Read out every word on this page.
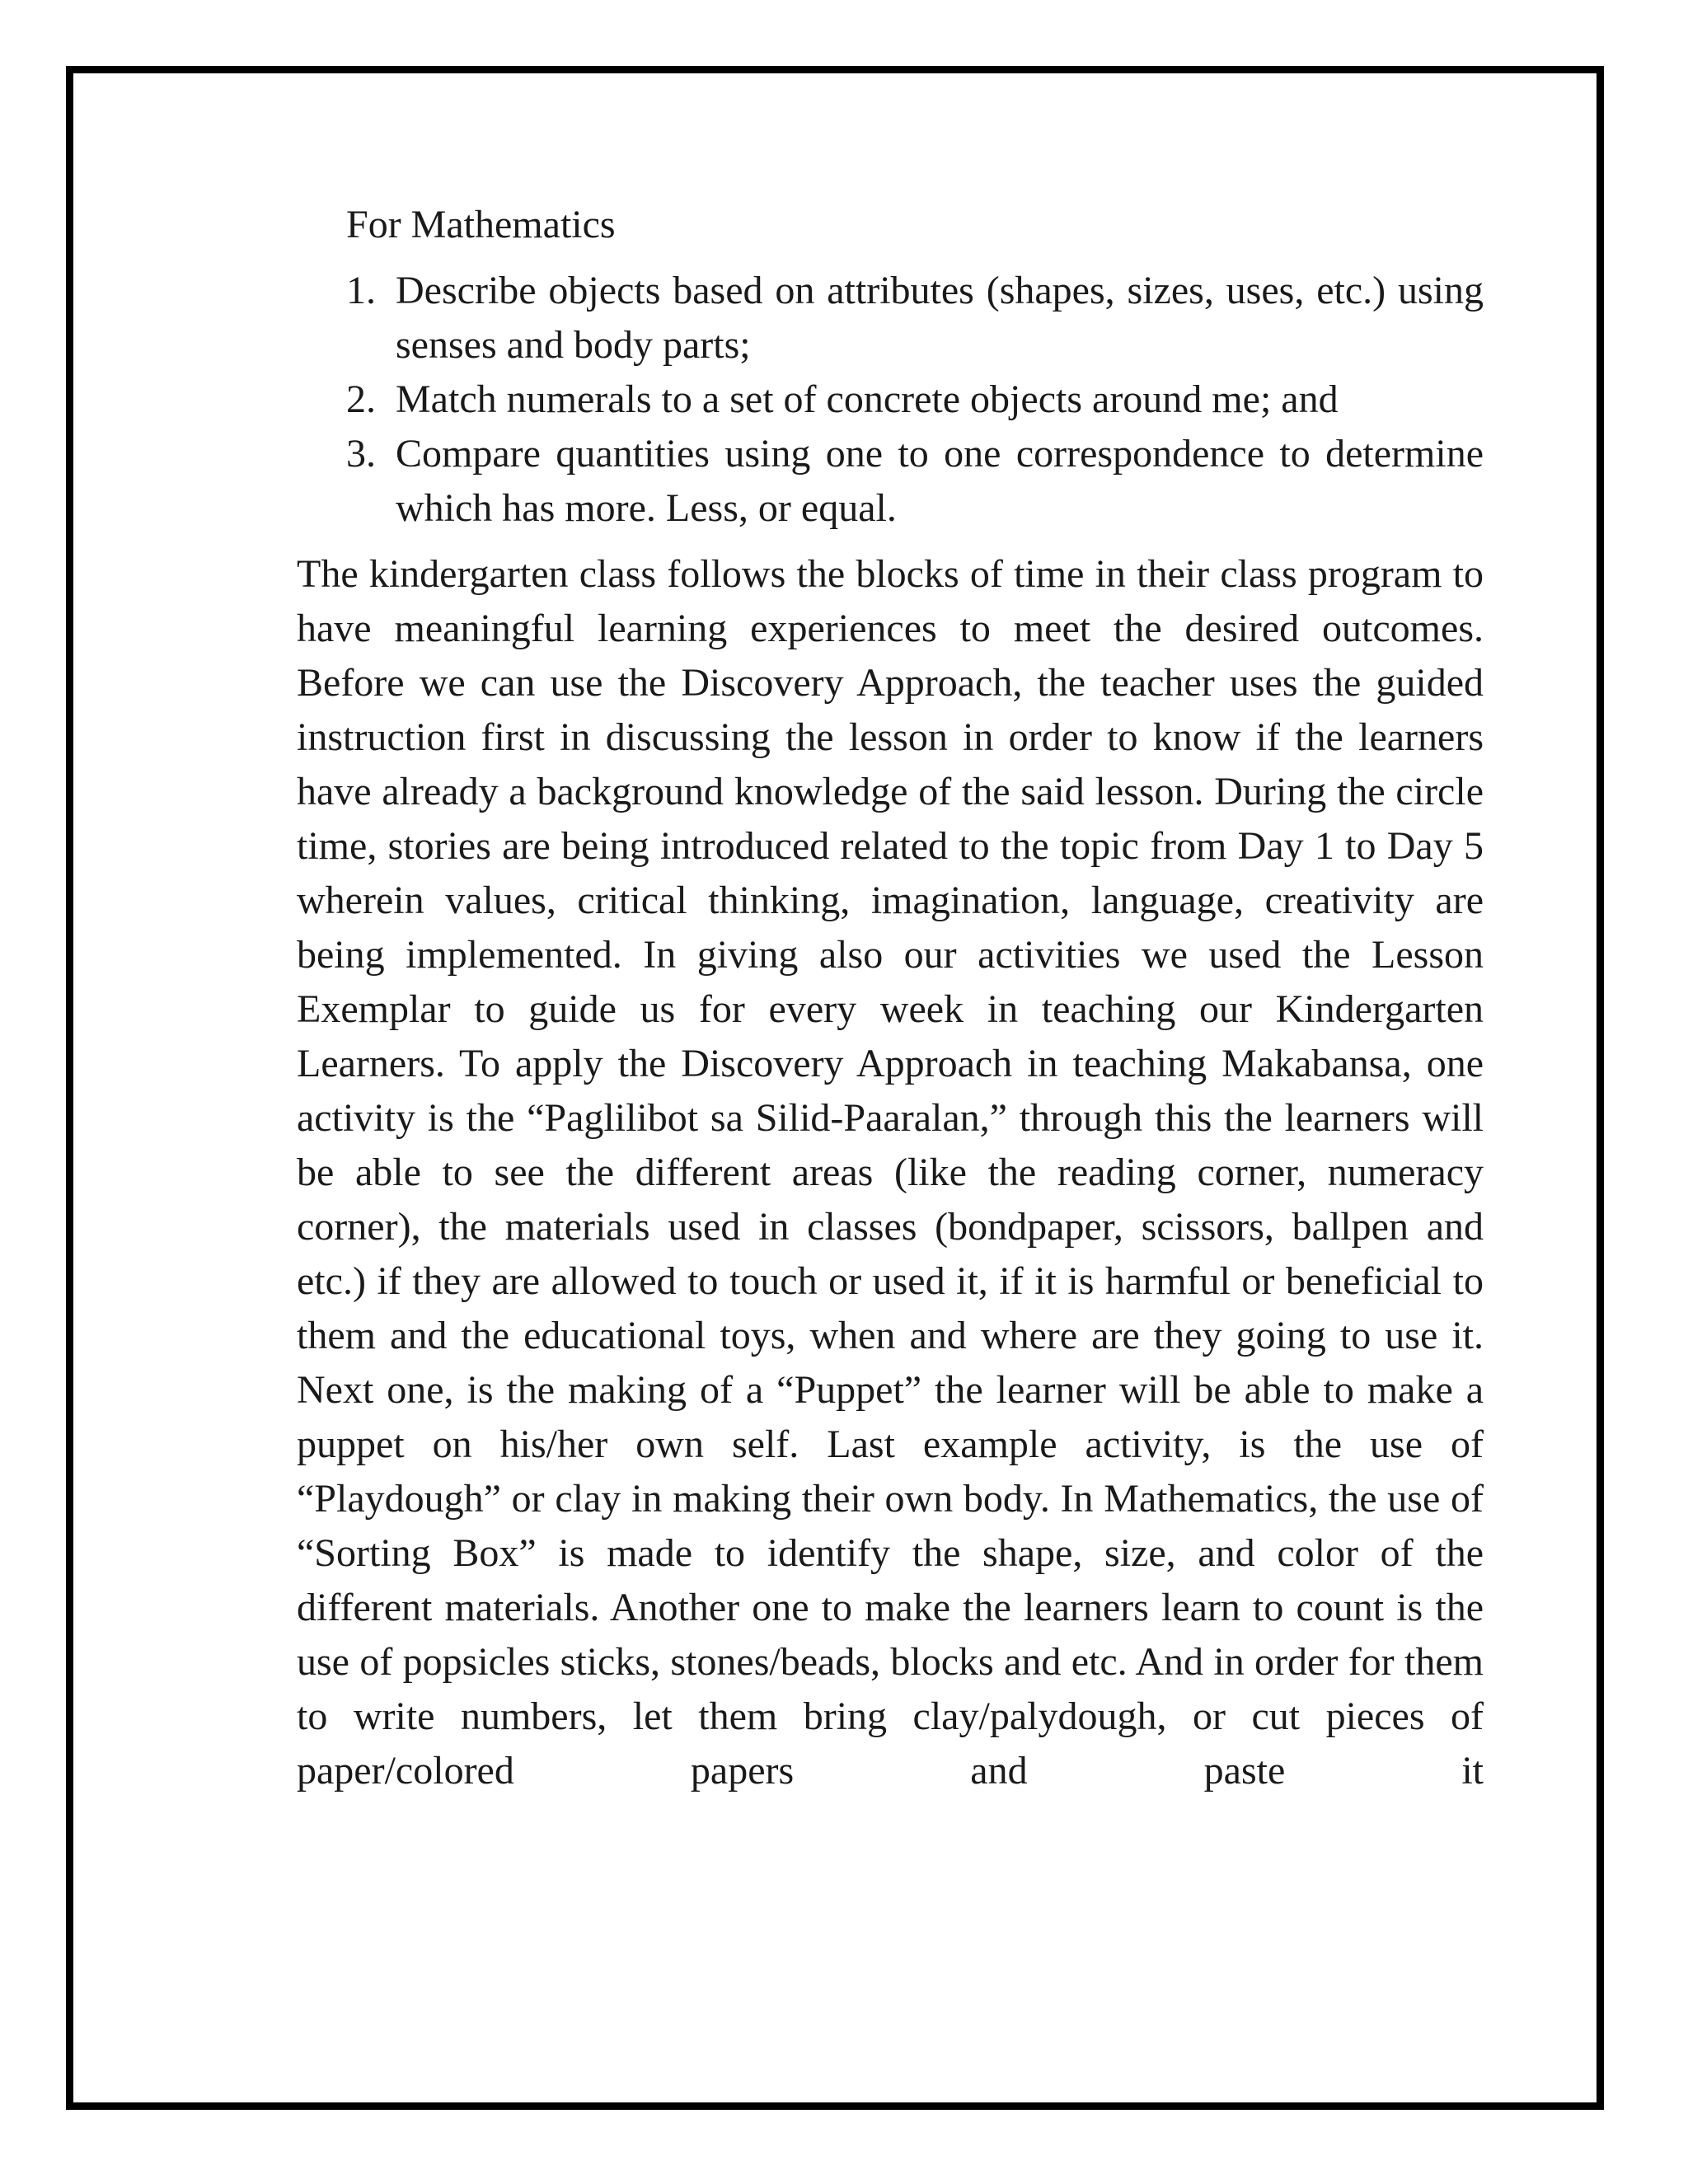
For Mathematics
1. Describe objects based on attributes (shapes, sizes, uses, etc.) using senses and body parts;
2. Match numerals to a set of concrete objects around me; and
3. Compare quantities using one to one correspondence to determine which has more. Less, or equal.

The kindergarten class follows the blocks of time in their class program to have meaningful learning experiences to meet the desired outcomes. Before we can use the Discovery Approach, the teacher uses the guided instruction first in discussing the lesson in order to know if the learners have already a background knowledge of the said lesson. During the circle time, stories are being introduced related to the topic from Day 1 to Day 5 wherein values, critical thinking, imagination, language, creativity are being implemented. In giving also our activities we used the Lesson Exemplar to guide us for every week in teaching our Kindergarten Learners. To apply the Discovery Approach in teaching Makabansa, one activity is the “Paglilibot sa Silid-Paaralan,” through this the learners will be able to see the different areas (like the reading corner, numeracy corner), the materials used in classes (bondpaper, scissors, ballpen and etc.) if they are allowed to touch or used it, if it is harmful or beneficial to them and the educational toys, when and where are they going to use it. Next one, is the making of a “Puppet” the learner will be able to make a puppet on his/her own self. Last example activity, is the use of “Playdough” or clay in making their own body. In Mathematics, the use of “Sorting Box” is made to identify the shape, size, and color of the different materials. Another one to make the learners learn to count is the use of popsicles sticks, stones/beads, blocks and etc. And in order for them to write numbers, let them bring clay/palydough, or cut pieces of paper/colored papers and paste it
